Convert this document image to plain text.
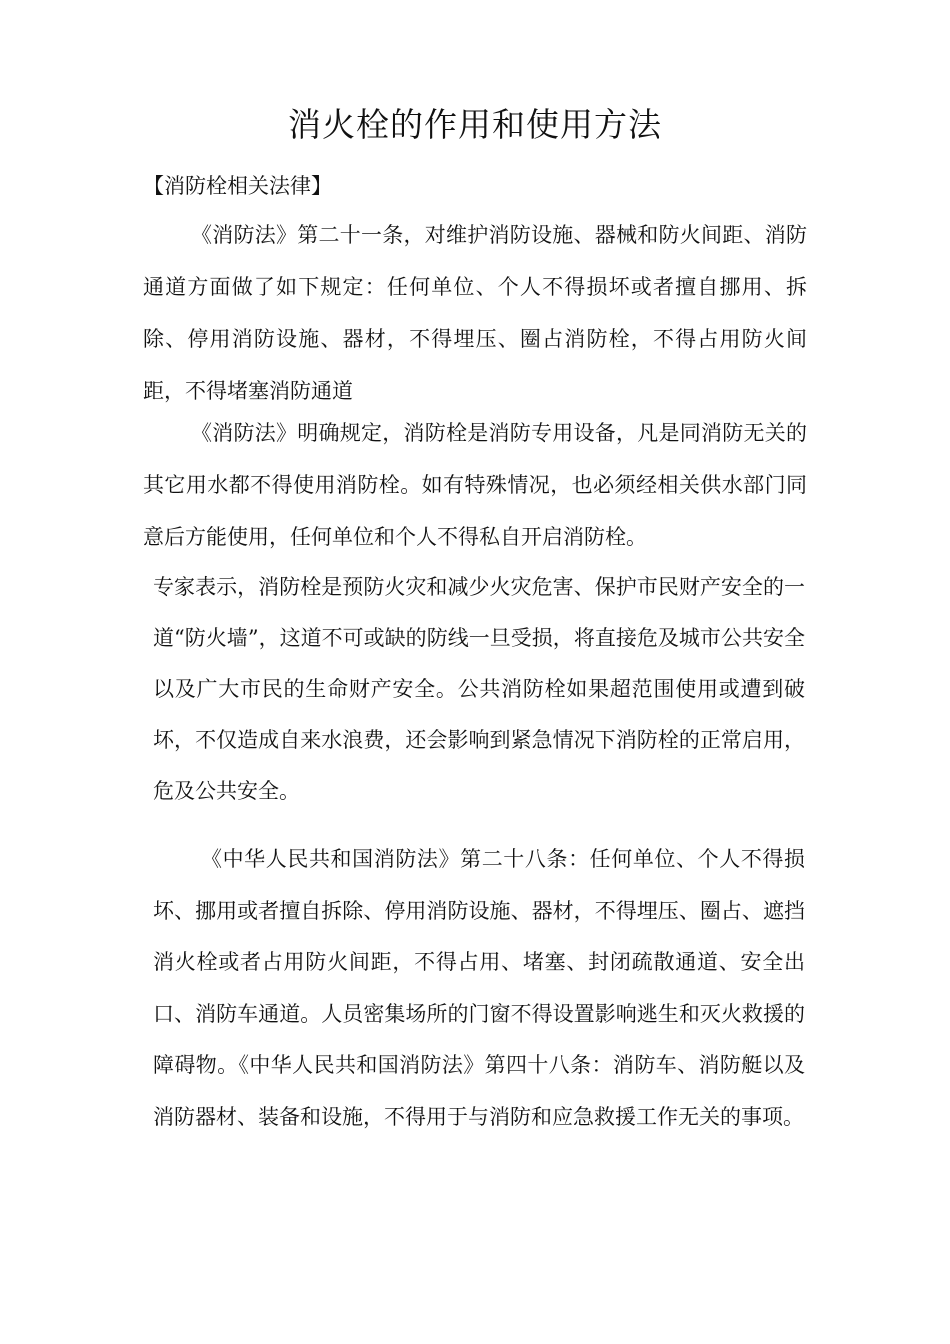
消火栓的作用和使用方法
【消防栓相关法律】

《消防法》第二十一条，对维护消防设施、器械和防火间距、消防通道方面做了如下规定：任何单位、个人不得损坏或者擅自挪用、拆除、停用消防设施、器材，不得埋压、圈占消防栓，不得占用防火间距，不得堵塞消防通道

《消防法》明确规定，消防栓是消防专用设备，凡是同消防无关的其它用水都不得使用消防栓。如有特殊情况，也必须经相关供水部门同意后方能使用，任何单位和个人不得私自开启消防栓。

专家表示，消防栓是预防火灾和减少火灾危害、保护市民财产安全的一道“防火墙”，这道不可或缺的防线一旦受损，将直接危及城市公共安全以及广大市民的生命财产安全。公共消防栓如果超范围使用或遭到破坏，不仅造成自来水浪费，还会影响到紧急情况下消防栓的正常启用，危及公共安全。

《中华人民共和国消防法》第二十八条：任何单位、个人不得损坏、挪用或者擅自拆除、停用消防设施、器材，不得埋压、圈占、遮挡消火栓或者占用防火间距，不得占用、堵塞、封闭疏散通道、安全出口、消防车通道。人员密集场所的门窗不得设置影响逃生和灭火救援的障碍物。《中华人民共和国消防法》第四十八条：消防车、消防艇以及消防器材、装备和设施，不得用于与消防和应急救援工作无关的事项。
